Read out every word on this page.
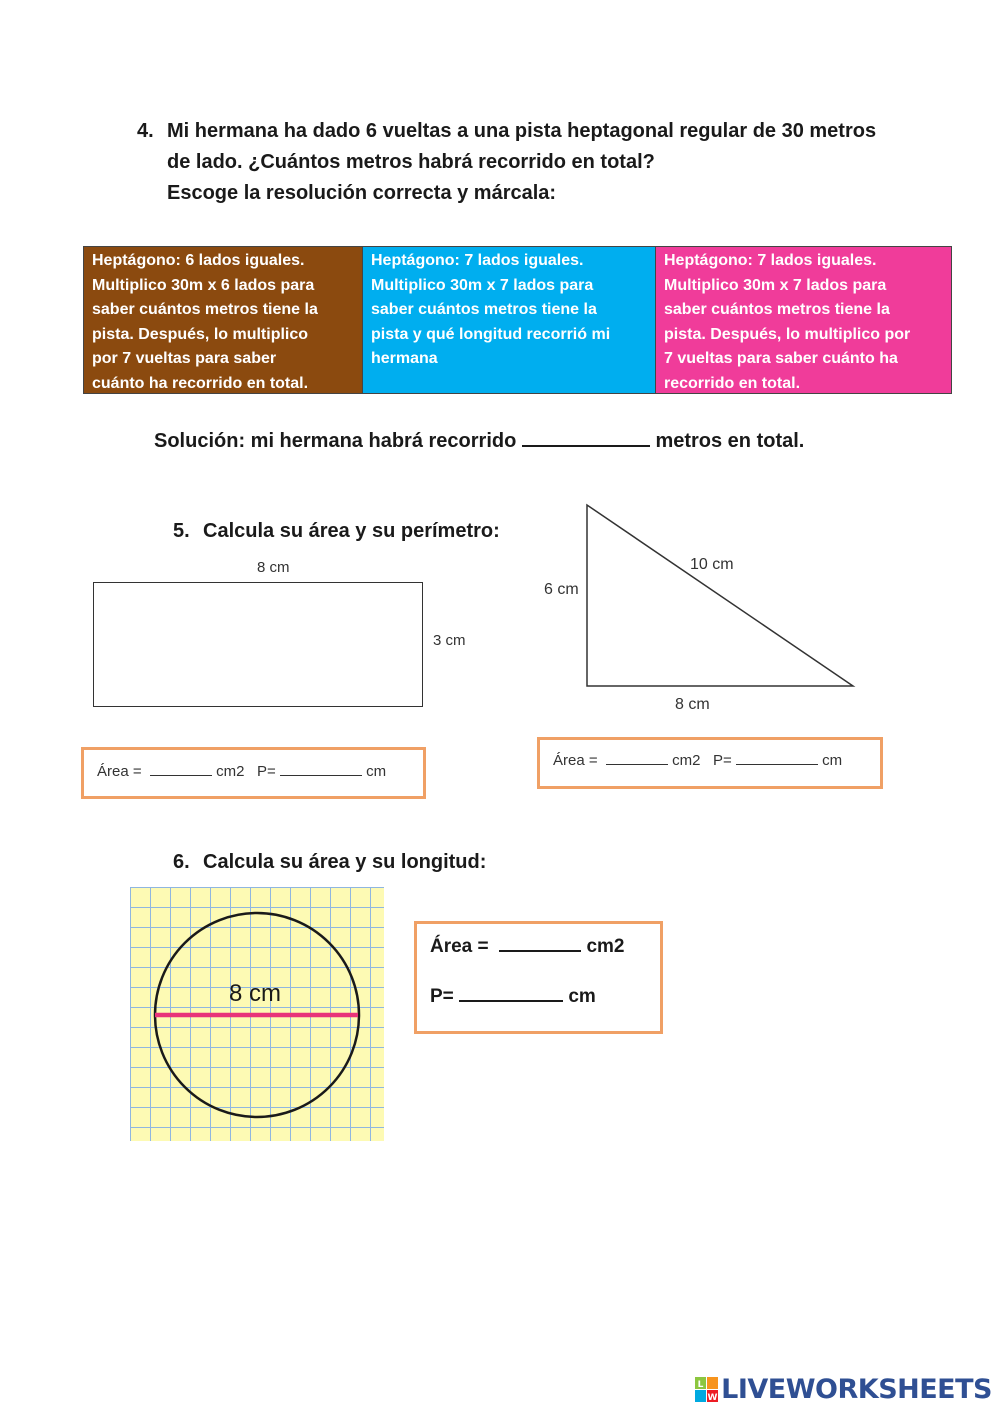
4. Mi hermana ha dado 6 vueltas a una pista heptagonal regular de 30 metros
de lado. ¿Cuántos metros habrá recorrido en total?
Escoge la resolución correcta y márcala:
Heptágono: 6 lados iguales.
Multiplico 30m x 6 lados para
saber cuántos metros tiene la
pista. Después, lo multiplico
por 7 vueltas para saber
cuánto ha recorrido en total.
Heptágono: 7 lados iguales.
Multiplico 30m x 7 lados para
saber cuántos metros tiene la
pista y qué longitud recorrió mi
hermana
Heptágono: 7 lados iguales.
Multiplico 30m x 7 lados para
saber cuántos metros tiene la
pista. Después, lo multiplico por
7 vueltas para saber cuánto ha
recorrido en total.
Solución: mi hermana habrá recorrido	metros en total.
5. Calcula su área y su perímetro:
8 cm
3 cm
Área =	cm2 P=	cm
6 cm
10 cm
8 cm
Área =	cm2 P=	cm
6. Calcula su área y su longitud:
8 cm
Área =	cm2
P=	cm
L
W LIVEWORKSHEETS
